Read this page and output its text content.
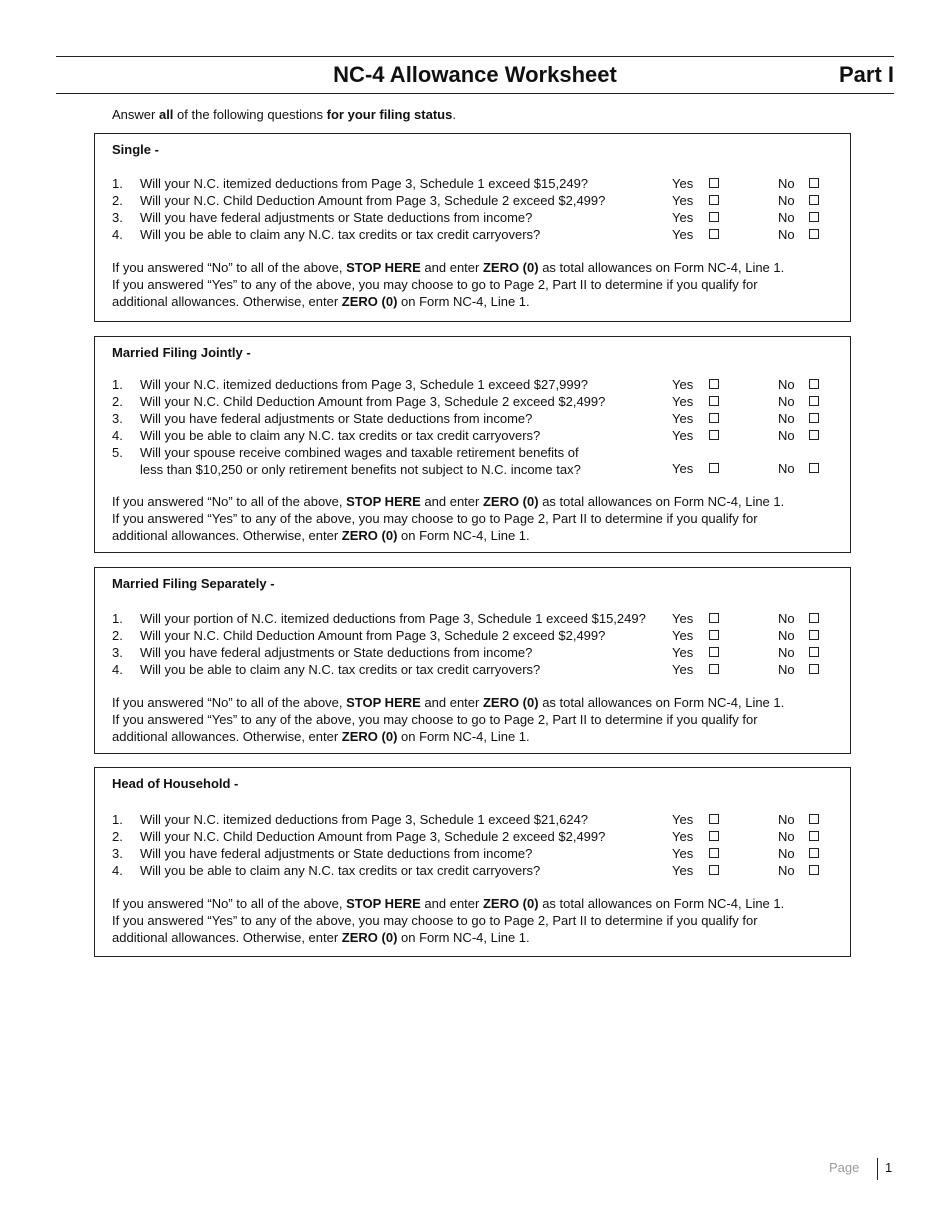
NC-4 Allowance Worksheet	Part I
Answer all of the following questions for your filing status.
Single -
1. Will your N.C. itemized deductions from Page 3, Schedule 1 exceed $15,249?	Yes	No
2. Will your N.C. Child Deduction Amount from Page 3, Schedule 2 exceed $2,499?	Yes	No
3. Will you have federal adjustments or State deductions from income?	Yes	No
4. Will you be able to claim any N.C. tax credits or tax credit carryovers?	Yes	No
If you answered “No” to all of the above, STOP HERE and enter ZERO (0) as total allowances on Form NC-4, Line 1.
If you answered “Yes” to any of the above, you may choose to go to Page 2, Part II to determine if you qualify for
additional allowances. Otherwise, enter ZERO (0) on Form NC-4, Line 1.
Married Filing Jointly -
1. Will your N.C. itemized deductions from Page 3, Schedule 1 exceed $27,999?	Yes	No
2. Will your N.C. Child Deduction Amount from Page 3, Schedule 2 exceed $2,499?	Yes	No
3. Will you have federal adjustments or State deductions from income?	Yes	No
4. Will you be able to claim any N.C. tax credits or tax credit carryovers?	Yes	No
5. Will your spouse receive combined wages and taxable retirement benefits of
less than $10,250 or only retirement benefits not subject to N.C. income tax?	Yes	No
If you answered “No” to all of the above, STOP HERE and enter ZERO (0) as total allowances on Form NC-4, Line 1.
If you answered “Yes” to any of the above, you may choose to go to Page 2, Part II to determine if you qualify for
additional allowances. Otherwise, enter ZERO (0) on Form NC-4, Line 1.
Married Filing Separately -
1. Will your portion of N.C. itemized deductions from Page 3, Schedule 1 exceed $15,249?	Yes	No
2. Will your N.C. Child Deduction Amount from Page 3, Schedule 2 exceed $2,499?	Yes	No
3. Will you have federal adjustments or State deductions from income?	Yes	No
4. Will you be able to claim any N.C. tax credits or tax credit carryovers?	Yes	No
If you answered “No” to all of the above, STOP HERE and enter ZERO (0) as total allowances on Form NC-4, Line 1.
If you answered “Yes” to any of the above, you may choose to go to Page 2, Part II to determine if you qualify for
additional allowances. Otherwise, enter ZERO (0) on Form NC-4, Line 1.
Head of Household -
1. Will your N.C. itemized deductions from Page 3, Schedule 1 exceed $21,624?	Yes	No
2. Will your N.C. Child Deduction Amount from Page 3, Schedule 2 exceed $2,499?	Yes	No
3. Will you have federal adjustments or State deductions from income?	Yes	No
4. Will you be able to claim any N.C. tax credits or tax credit carryovers?	Yes	No
If you answered “No” to all of the above, STOP HERE and enter ZERO (0) as total allowances on Form NC-4, Line 1.
If you answered “Yes” to any of the above, you may choose to go to Page 2, Part II to determine if you qualify for
additional allowances. Otherwise, enter ZERO (0) on Form NC-4, Line 1.
Page 1
